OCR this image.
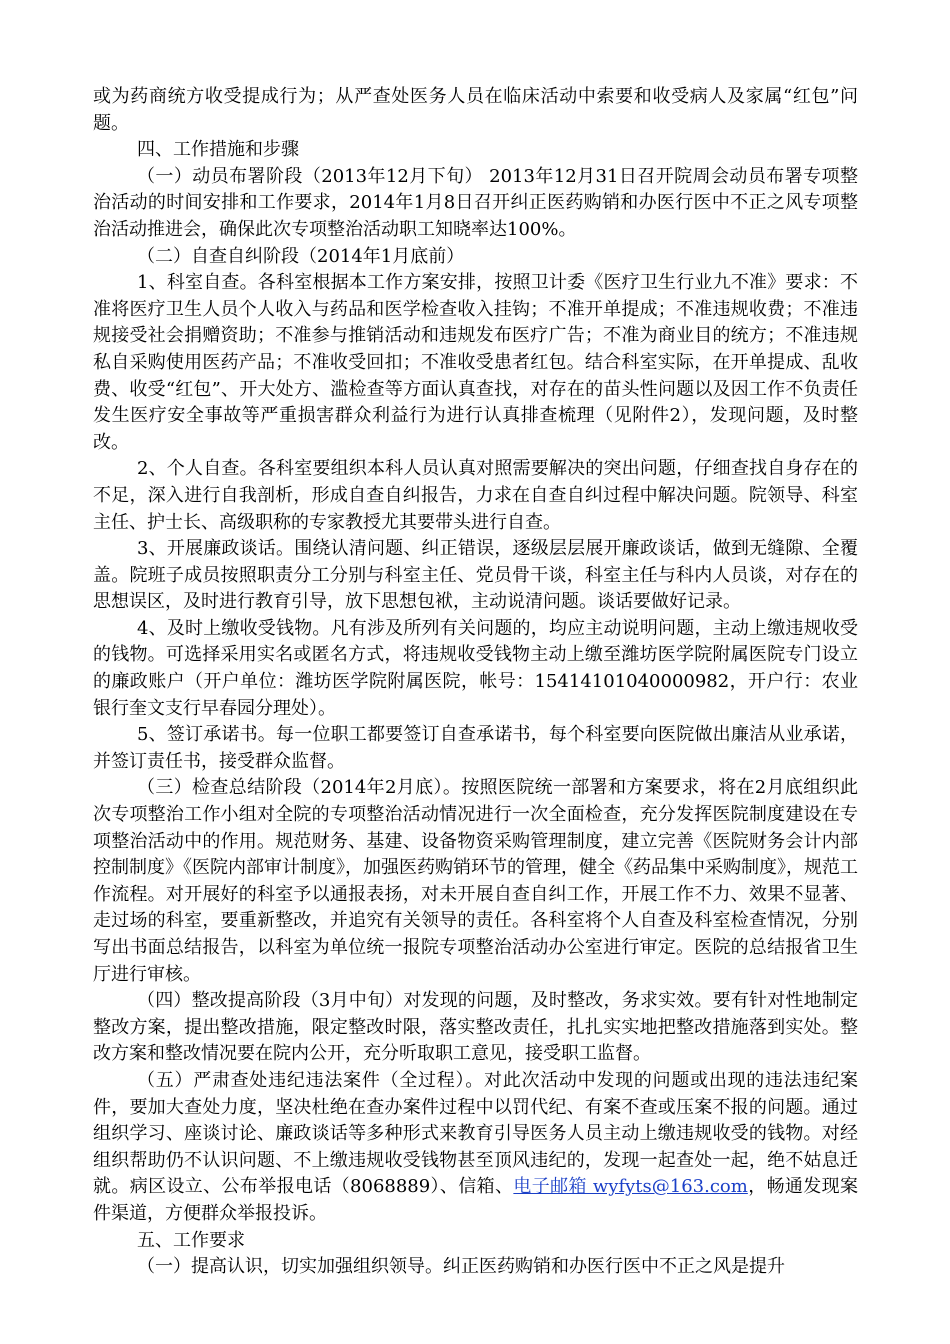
或为药商统方收受提成行为；从严查处医务人员在临床活动中索要和收受病人及家属“红包”问题。

四、工作措施和步骤

（一）动员布署阶段（2013年12月下旬） 2013年12月31日召开院周会动员布署专项整治活动的时间安排和工作要求，2014年1月8日召开纠正医药购销和办医行医中不正之风专项整治活动推进会，确保此次专项整治活动职工知晓率达100%。

（二）自查自纠阶段（2014年1月底前）

1、科室自查。各科室根据本工作方案安排，按照卫计委《医疗卫生行业九不准》要求：不准将医疗卫生人员个人收入与药品和医学检查收入挂钩；不准开单提成；不准违规收费；不准违规接受社会捐赠资助；不准参与推销活动和违规发布医疗广告；不准为商业目的统方；不准违规私自采购使用医药产品；不准收受回扣；不准收受患者红包。结合科室实际，在开单提成、乱收费、收受“红包”、开大处方、滥检查等方面认真查找，对存在的苗头性问题以及因工作不负责任发生医疗安全事故等严重损害群众利益行为进行认真排查梳理（见附件2），发现问题，及时整改。

2、个人自查。各科室要组织本科人员认真对照需要解决的突出问题，仔细查找自身存在的不足，深入进行自我剖析，形成自查自纠报告，力求在自查自纠过程中解决问题。院领导、科室主任、护士长、高级职称的专家教授尤其要带头进行自查。

3、开展廉政谈话。围绕认清问题、纠正错误，逐级层层展开廉政谈话，做到无缝隙、全覆盖。院班子成员按照职责分工分别与科室主任、党员骨干谈，科室主任与科内人员谈，对存在的思想误区，及时进行教育引导，放下思想包袱，主动说清问题。谈话要做好记录。

4、及时上缴收受钱物。凡有涉及所列有关问题的，均应主动说明问题，主动上缴违规收受的钱物。可选择采用实名或匿名方式，将违规收受钱物主动上缴至潍坊医学院附属医院专门设立的廉政账户（开户单位：潍坊医学院附属医院，帐号：15414101040000982，开户行：农业银行奎文支行早春园分理处）。

5、签订承诺书。每一位职工都要签订自查承诺书，每个科室要向医院做出廉洁从业承诺，并签订责任书，接受群众监督。

（三）检查总结阶段（2014年2月底）。按照医院统一部署和方案要求，将在2月底组织此次专项整治工作小组对全院的专项整治活动情况进行一次全面检查，充分发挥医院制度建设在专项整治活动中的作用。规范财务、基建、设备物资采购管理制度，建立完善《医院财务会计内部控制制度》《医院内部审计制度》，加强医药购销环节的管理，健全《药品集中采购制度》，规范工作流程。对开展好的科室予以通报表扬，对未开展自查自纠工作，开展工作不力、效果不显著、走过场的科室，要重新整改，并追究有关领导的责任。各科室将个人自查及科室检查情况，分别写出书面总结报告，以科室为单位统一报院专项整治活动办公室进行审定。医院的总结报省卫生厅进行审核。

（四）整改提高阶段（3月中旬）对发现的问题，及时整改，务求实效。要有针对性地制定整改方案，提出整改措施，限定整改时限，落实整改责任，扎扎实实地把整改措施落到实处。整改方案和整改情况要在院内公开，充分听取职工意见，接受职工监督。

（五）严肃查处违纪违法案件（全过程）。对此次活动中发现的问题或出现的违法违纪案件，要加大查处力度，坚决杜绝在查办案件过程中以罚代纪、有案不查或压案不报的问题。通过组织学习、座谈讨论、廉政谈话等多种形式来教育引导医务人员主动上缴违规收受的钱物。对经组织帮助仍不认识问题、不上缴违规收受钱物甚至顶风违纪的，发现一起查处一起，绝不姑息迁就。病区设立、公布举报电话（8068889）、信箱、电子邮箱 wyfyts@163.com，畅通发现案件渠道，方便群众举报投诉。

五、工作要求

（一）提高认识，切实加强组织领导。纠正医药购销和办医行医中不正之风是提升
